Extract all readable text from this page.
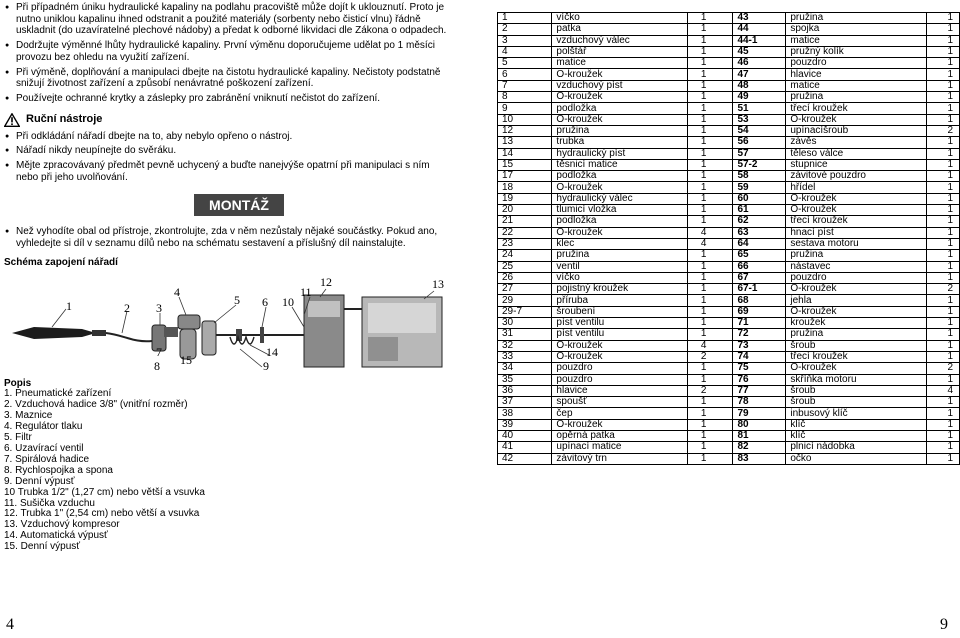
● Při případném úniku hydraulické kapaliny na podlahu pracoviště může dojít k uklouznutí. Proto je nutno uniklou kapalinu ihned odstranit a použité materiály (sorbenty nebo čisticí vlnu) řádně uskladnit (do uzavíratelné plechové nádoby) a předat k odborné likvidaci dle Zákona o odpadech.
● Dodržujte výměnné lhůty hydraulické kapaliny. První výměnu doporučujeme udělat po 1 měsíci provozu bez ohledu na využití zařízení.
● Při výměně, doplňování a manipulaci dbejte na čistotu hydraulické kapaliny. Nečistoty podstatně snižují životnost zařízení a způsobí nenávratné poškození zařízení.
● Používejte ochranné krytky a záslepky pro zabránění vniknutí nečistot do zařízení.
Ruční nástroje
● Při odkládání nářadí dbejte na to, aby nebylo opřeno o nástroj.
● Nářadí nikdy neupínejte do svěráku.
● Mějte zpracovávaný předmět pevně uchycený a buďte nanejvýše opatrní při manipulaci s ním nebo při jeho uvolňování.
MONTÁŽ
● Než vyhodíte obal od přístroje, zkontrolujte, zda v něm nezůstaly nějaké součástky. Pokud ano, vyhledejte si díl v seznamu dílů nebo na schématu sestavení a příslušný díl nainstalujte.
Schéma zapojení nářadí
1	2 3
4
5 6
7
8	9
10
11
12	13
14
15
Popis
1. Pneumatické zařízení
2. Vzduchová hadice 3/8" (vnitřní rozměr)
3. Maznice
4. Regulátor tlaku
5. Filtr
6. Uzavírací ventil
7. Spirálová hadice
8. Rychlospojka a spona
9. Denní výpusť
10 Trubka 1/2" (1,27 cm) nebo větší a vsuvka
11. Sušička vzduchu
12. Trubka 1" (2,54 cm) nebo větší a vsuvka
13. Vzduchový kompresor
14. Automatická výpusť
15. Denní výpusť
1	víčko	1	43	pružina	1
2	patka	1	44	spojka	1
3	vzduchový válec	1	44-1	matice	1
4	polštář	1	45	pružný kolík	1
5	matice	1	46	pouzdro	1
6	O-kroužek	1	47	hlavice	1
7	vzduchový píst	1	48	matice	1
8	O-kroužek	1	49	pružina	1
9	podložka	1	51	třecí kroužek	1
10	O-kroužek	1	53	O-kroužek	1
12	pružina	1	54	upínacíšroub	2
13	trubka	1	56	závěs	1
14	hydraulický píst	1	57	těleso válce	1
15	těsnicí matice	1	57-2	stupnice	1
17	podložka	1	58	závitové pouzdro	1
18	O-kroužek	1	59	hřídel	1
19	hydraulický válec	1	60	O-kroužek	1
20	tlumicí vložka	1	61	O-kroužek	1
21	podložka	1	62	třecí kroužek	1
22	O-kroužek	4	63	hnací píst	1
23	klec	4	64	sestava motoru	1
24	pružina	1	65	pružina	1
25	ventil	1	66	nástavec	1
26	víčko	1	67	pouzdro	1
27	pojistný kroužek	1	67-1	O-kroužek	2
29	příruba	1	68	jehla	1
29-7	šroubení	1	69	O-kroužek	1
30	píst ventilu	1	71	kroužek	1
31	píst ventilu	1	72	pružina	1
32	O-kroužek	4	73	šroub	1
33	O-kroužek	2	74	třecí kroužek	1
34	pouzdro	1	75	O-kroužek	2
35	pouzdro	1	76	skříňka motoru	1
36	hlavice	2	77	šroub	4
37	spoušť	1	78	šroub	1
38	čep	1	79	inbusový klíč	1
39	O-kroužek	1	80	klíč	1
40	opěrná patka	1	81	klíč	1
41	upínací matice	1	82	plnicí nádobka	1
42	závitový trn	1	83	očko	1
4	9
